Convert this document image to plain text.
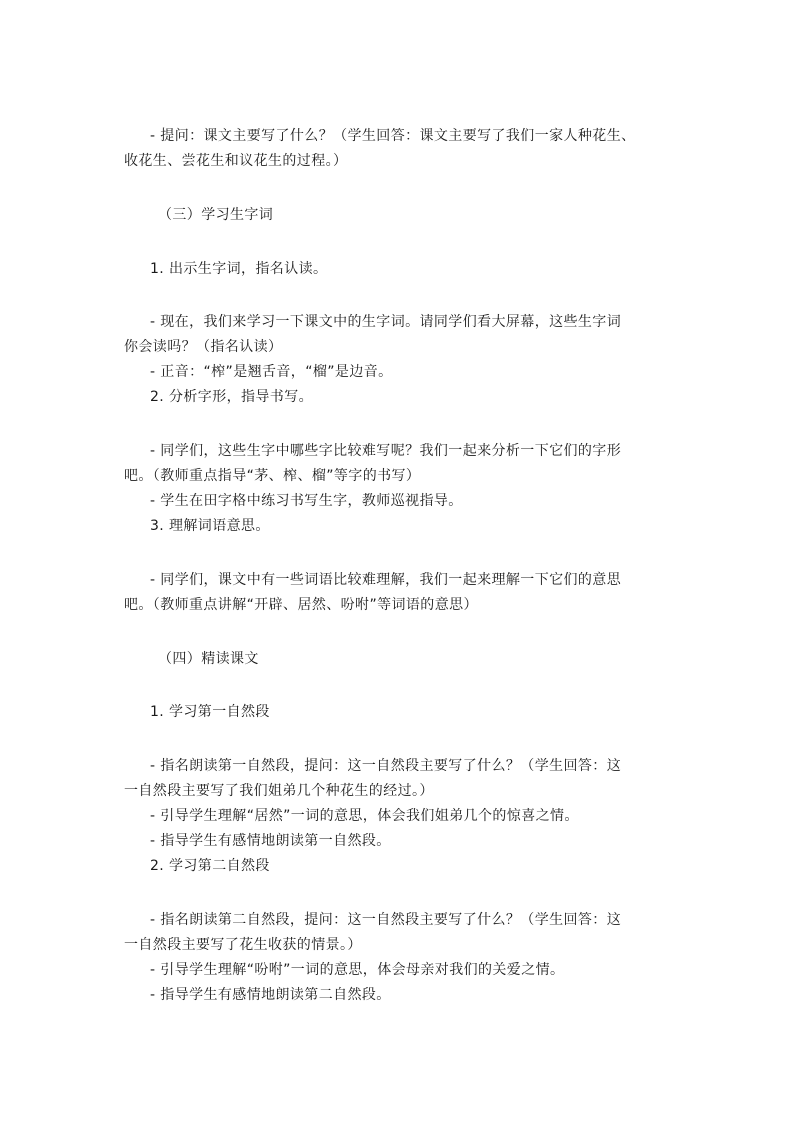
- 提问：课文主要写了什么？（学生回答：课文主要写了我们一家人种花生、
收花生、尝花生和议花生的过程。）
（三）学习生字词
1. 出示生字词，指名认读。
- 现在，我们来学习一下课文中的生字词。请同学们看大屏幕，这些生字词
你会读吗？（指名认读）
- 正音：“榨”是翘舌音，“榴”是边音。
2. 分析字形，指导书写。
- 同学们，这些生字中哪些字比较难写呢？我们一起来分析一下它们的字形
吧。（教师重点指导“茅、榨、榴”等字的书写）
- 学生在田字格中练习书写生字，教师巡视指导。
3. 理解词语意思。
- 同学们，课文中有一些词语比较难理解，我们一起来理解一下它们的意思
吧。（教师重点讲解“开辟、居然、吩咐”等词语的意思）
（四）精读课文
1. 学习第一自然段
- 指名朗读第一自然段，提问：这一自然段主要写了什么？（学生回答：这
一自然段主要写了我们姐弟几个种花生的经过。）
- 引导学生理解“居然”一词的意思，体会我们姐弟几个的惊喜之情。
- 指导学生有感情地朗读第一自然段。
2. 学习第二自然段
- 指名朗读第二自然段，提问：这一自然段主要写了什么？（学生回答：这
一自然段主要写了花生收获的情景。）
- 引导学生理解“吩咐”一词的意思，体会母亲对我们的关爱之情。
- 指导学生有感情地朗读第二自然段。
